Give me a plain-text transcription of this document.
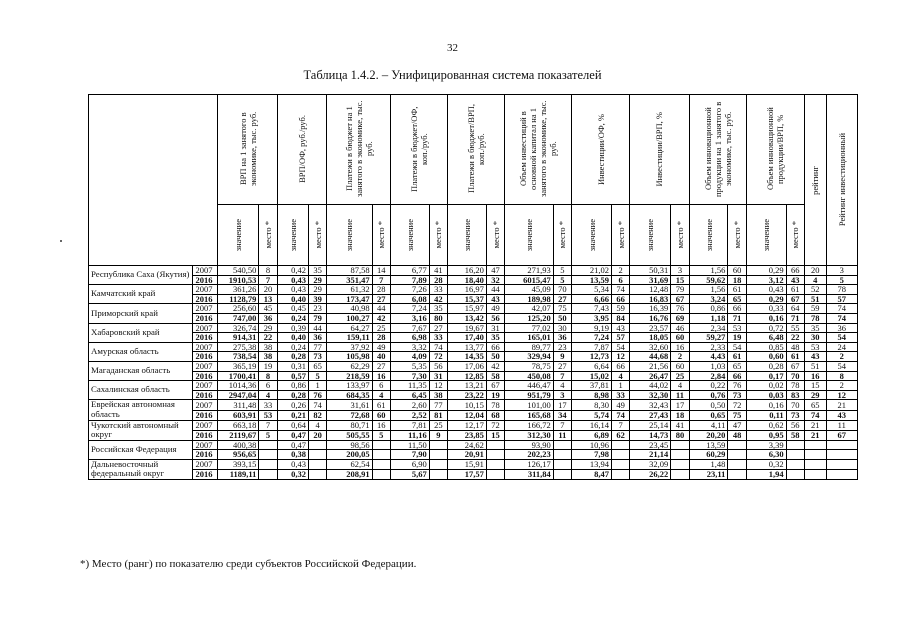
32
Таблица 1.4.2. – Унифицированная система показателей

		ВРП на 1 занятого в экономике, тыс. руб.		ВРП/ОФ, руб./руб.		Платежи в бюджет на 1 занятого в экономике, тыс. руб.		Платежи в бюджет/ОФ, коп./руб.		Платежи в бюджет/ВРП, коп./руб.		Объем инвестиций в основной капитал на 1 занятого в экономике, тыс. руб.		Инвестиции/ОФ, %		Инвестиции/ВРП, %		Объем инновационной продукции на 1 занятого в экономике, тыс. руб.		Объем инновационной продукции/ВРП, %		рейтинг	Рейтинг инвестиционный

		значение	место *	значение	место *	значение	место *	значение	место *	значение	место *	значение	место *	значение	место *	значение	место *	значение	место *	значение	место *		

Республика Саха (Якутия)	2007	540,50	8	0,42	35	87,58	14	6,77	41	16,20	47	271,93	5	21,02	2	50,31	3	1,56	60	0,29	66	20	3
	2016	1910,53	7	0,43	29	351,47	7	7,89	28	18,40	32	6015,47	5	13,59	6	31,69	15	59,62	18	3,12	43	4	5
Камчатский край	2007	361,26	20	0,43	29	61,32	28	7,26	33	16,97	44	45,09	70	5,34	74	12,48	79	1,56	61	0,43	61	52	78
	2016	1128,79	13	0,40	39	173,47	27	6,08	42	15,37	43	189,98	27	6,66	66	16,83	67	3,24	65	0,29	67	51	57
Приморский край	2007	256,60	45	0,45	23	40,98	44	7,24	35	15,97	49	42,07	75	7,43	59	16,39	76	0,86	66	0,33	64	59	74
	2016	747,00	36	0,24	79	100,27	42	3,16	80	13,42	56	125,20	50	3,95	84	16,76	69	1,18	71	0,16	71	78	74
Хабаровский край	2007	326,74	29	0,39	44	64,27	25	7,67	27	19,67	31	77,02	30	9,19	43	23,57	46	2,34	53	0,72	55	35	36
	2016	914,31	22	0,40	36	159,11	28	6,98	33	17,40	35	165,01	36	7,24	57	18,05	60	59,27	19	6,48	22	30	54
Амурская область	2007	275,38	38	0,24	77	37,92	49	3,32	74	13,77	66	89,77	23	7,87	54	32,60	16	2,33	54	0,85	48	53	24
	2016	738,54	38	0,28	73	105,98	40	4,09	72	14,35	50	329,94	9	12,73	12	44,68	2	4,43	61	0,60	61	43	2
Магаданская область	2007	365,19	19	0,31	65	62,29	27	5,35	56	17,06	42	78,75	27	6,64	66	21,56	60	1,03	65	0,28	67	51	54
	2016	1700,41	8	0,57	5	218,59	16	7,30	31	12,85	58	450,08	7	15,02	4	26,47	25	2,84	66	0,17	70	16	8
Сахалинская область	2007	1014,36	6	0,86	1	133,97	6	11,35	12	13,21	67	446,47	4	37,81	1	44,02	4	0,22	76	0,02	78	15	2
	2016	2947,04	4	0,28	76	684,35	4	6,45	38	23,22	19	951,79	3	8,98	33	32,30	11	0,76	73	0,03	83	29	12
Еврейская автономная область	2007	311,48	33	0,26	74	31,61	61	2,60	77	10,15	78	101,00	17	8,30	49	32,43	17	0,50	72	0,16	70	65	21
	2016	603,91	53	0,21	82	72,68	60	2,52	81	12,04	68	165,68	34	5,74	74	27,43	18	0,65	75	0,11	73	74	43
Чукотский автономный округ	2007	663,18	7	0,64	4	80,71	16	7,81	25	12,17	72	166,72	7	16,14	7	25,14	41	4,11	47	0,62	56	21	11
	2016	2119,67	5	0,47	20	505,55	5	11,16	9	23,85	15	312,30	11	6,89	62	14,73	80	20,20	48	0,95	58	21	67
Российская Федерация	2007	400,38		0,47		98,56		11,50		24,62		93,90		10,96		23,45		13,59		3,39			
	2016	956,65		0,38		200,05		7,90		20,91		202,23		7,98		21,14		60,29		6,30			
Дальневосточный федеральный округ	2007	393,15		0,43		62,54		6,90		15,91		126,17		13,94		32,09		1,48		0,32			
	2016	1189,11		0,32		208,91		5,67		17,57		311,84		8,47		26,22		23,11		1,94			
*) Место (ранг) по показателю среди субъектов Российской Федерации.
